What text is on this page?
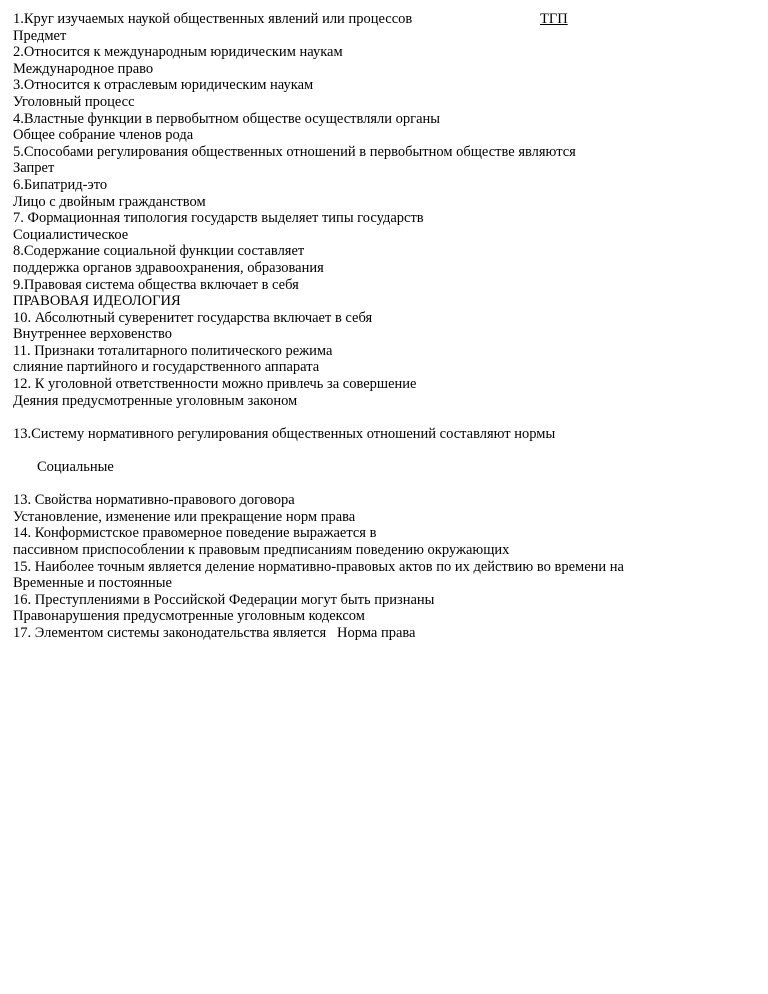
1.Круг изучаемых наукой общественных явлений или процессов	ТГП
Предмет
2.Относится к международным юридическим наукам
Международное право
3.Относится к отраслевым юридическим наукам
Уголовный процесс
4.Властные функции в первобытном обществе осуществляли органы
Общее собрание членов рода
5.Способами регулирования общественных отношений в первобытном обществе являются
Запрет
6.Бипатрид-это
Лицо с двойным гражданством
7. Формационная типология государств выделяет типы государств
Социалистическое
8.Содержание социальной функции составляет
поддержка органов здравоохранения, образования
9.Правовая система общества включает в себя
ПРАВОВАЯ ИДЕОЛОГИЯ
10. Абсолютный суверенитет государства включает в себя
Внутреннее верховенство
11. Признаки тоталитарного политического режима
слияние партийного и государственного аппарата
12. К уголовной ответственности можно привлечь за совершение
Деяния предусмотренные уголовным законом
13.Систему нормативного регулирования общественных отношений составляют нормы
Социальные
13. Свойства нормативно-правового договора
Установление, изменение или прекращение норм права
14. Конформистское правомерное поведение выражается в
пассивном приспособлении к правовым предписаниям поведению окружающих
15. Наиболее точным является деление нормативно-правовых актов по их действию во времени на
Временные и постоянные
16. Преступлениями в Российской Федерации могут быть признаны
Правонарушения предусмотренные уголовным кодексом
17. Элементом системы законодательства является   Норма права
